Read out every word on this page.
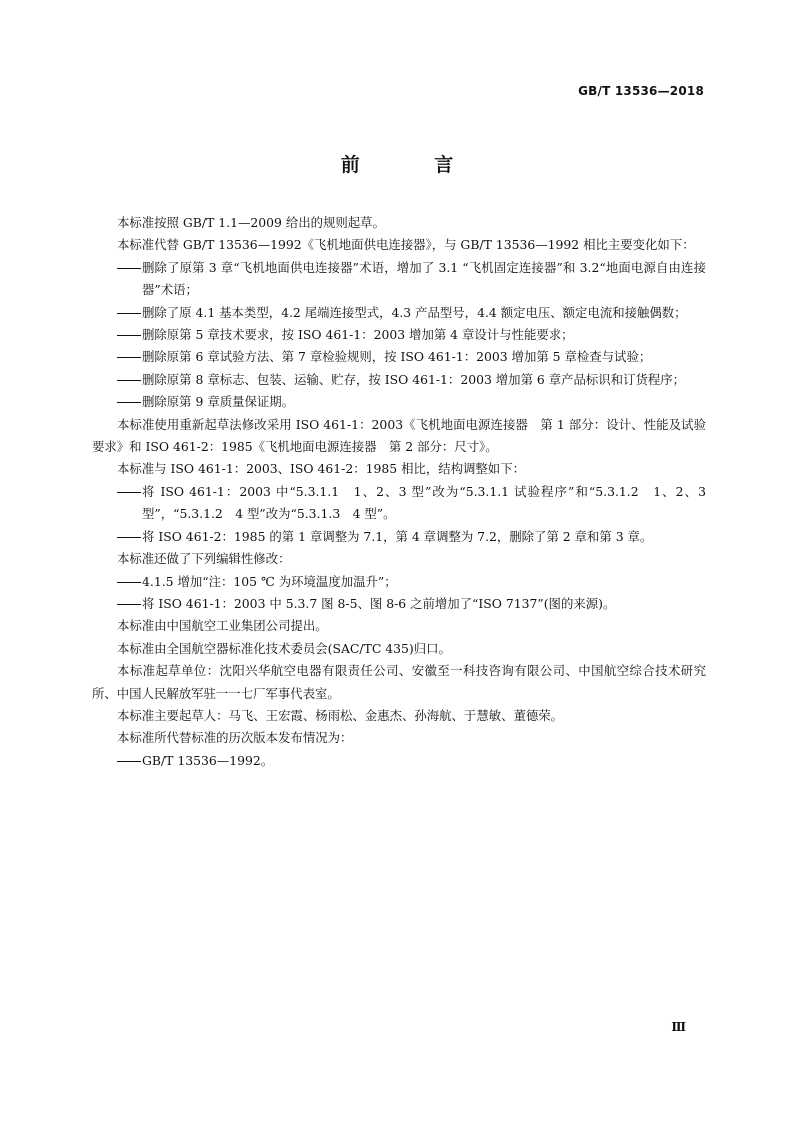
GB/T 13536—2018
前 言
本标准按照 GB/T 1.1—2009 给出的规则起草。
本标准代替 GB/T 13536—1992《飞机地面供电连接器》，与 GB/T 13536—1992 相比主要变化如下：
删除了原第 3 章“飞机地面供电连接器”术语，增加了 3.1 “飞机固定连接器”和 3.2“地面电源自由连接器”术语；
删除了原 4.1 基本类型，4.2 尾端连接型式，4.3 产品型号，4.4 额定电压、额定电流和接触偶数；
删除原第 5 章技术要求，按 ISO 461-1：2003 增加第 4 章设计与性能要求；
删除原第 6 章试验方法、第 7 章检验规则，按 ISO 461-1：2003 增加第 5 章检查与试验；
删除原第 8 章标志、包装、运输、贮存，按 ISO 461-1：2003 增加第 6 章产品标识和订货程序；
删除原第 9 章质量保证期。
本标准使用重新起草法修改采用 ISO 461-1：2003《飞机地面电源连接器　第 1 部分：设计、性能及试验要求》和 ISO 461-2：1985《飞机地面电源连接器　第 2 部分：尺寸》。
本标准与 ISO 461-1：2003、ISO 461-2：1985 相比，结构调整如下：
将 ISO 461-1：2003 中“5.3.1.1　1、2、3 型”改为“5.3.1.1 试验程序”和“5.3.1.2　1、2、3 型”，“5.3.1.2　4 型”改为“5.3.1.3　4 型”。
将 ISO 461-2：1985 的第 1 章调整为 7.1，第 4 章调整为 7.2，删除了第 2 章和第 3 章。
本标准还做了下列编辑性修改：
4.1.5 增加“注：105 ℃ 为环境温度加温升”；
将 ISO 461-1：2003 中 5.3.7 图 8-5、图 8-6 之前增加了“ISO 7137”(图的来源)。
本标准由中国航空工业集团公司提出。
本标准由全国航空器标准化技术委员会(SAC/TC 435)归口。
本标准起草单位：沈阳兴华航空电器有限责任公司、安徽至一科技咨询有限公司、中国航空综合技术研究所、中国人民解放军驻一一七厂军事代表室。
本标准主要起草人：马飞、王宏霞、杨雨松、金惠杰、孙海航、于慧敏、董德荣。
本标准所代替标准的历次版本发布情况为：
GB/T 13536—1992。
Ⅲ
